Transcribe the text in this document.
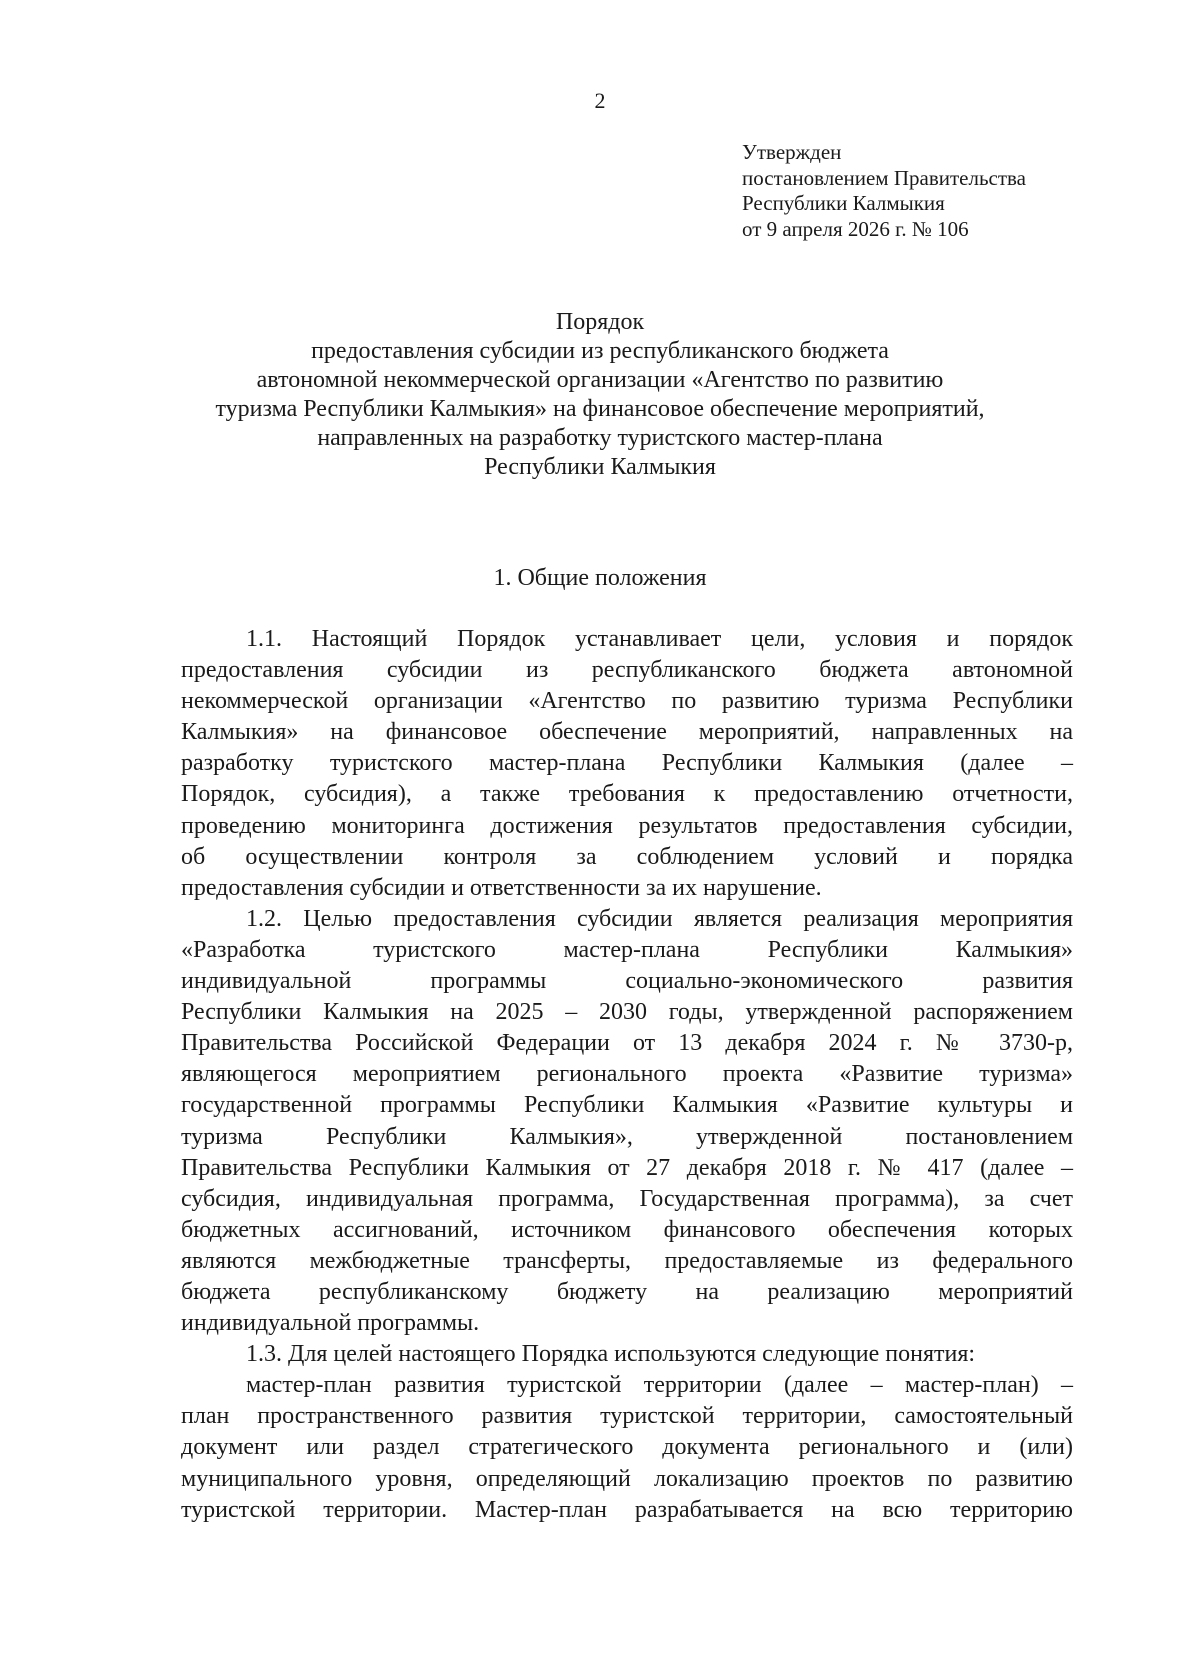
2
Утвержден
постановлением Правительства
Республики Калмыкия
от 9 апреля 2026 г. № 106
Порядок
предоставления субсидии из республиканского бюджета
автономной некоммерческой организации «Агентство по развитию
туризма Республики Калмыкия» на финансовое обеспечение мероприятий,
направленных на разработку туристского мастер-плана
Республики Калмыкия
1. Общие положения
1.1. Настоящий Порядок устанавливает цели, условия и порядок
предоставления субсидии из республиканского бюджета автономной
некоммерческой организации «Агентство по развитию туризма Республики
Калмыкия» на финансовое обеспечение мероприятий, направленных на
разработку туристского мастер-плана Республики Калмыкия (далее –
Порядок, субсидия), а также требования к предоставлению отчетности,
проведению мониторинга достижения результатов предоставления субсидии,
об осуществлении контроля за соблюдением условий и порядка
предоставления субсидии и ответственности за их нарушение.
1.2. Целью предоставления субсидии является реализация мероприятия
«Разработка туристского мастер-плана Республики Калмыкия»
индивидуальной программы социально-экономического развития
Республики Калмыкия на 2025 – 2030 годы, утвержденной распоряжением
Правительства Российской Федерации от 13 декабря 2024 г. № 3730-р,
являющегося мероприятием регионального проекта «Развитие туризма»
государственной программы Республики Калмыкия «Развитие культуры и
туризма Республики Калмыкия», утвержденной постановлением
Правительства Республики Калмыкия от 27 декабря 2018 г. № 417 (далее –
субсидия, индивидуальная программа, Государственная программа), за счет
бюджетных ассигнований, источником финансового обеспечения которых
являются межбюджетные трансферты, предоставляемые из федерального
бюджета республиканскому бюджету на реализацию мероприятий
индивидуальной программы.
1.3. Для целей настоящего Порядка используются следующие понятия:
мастер-план развития туристской территории (далее – мастер-план) –
план пространственного развития туристской территории, самостоятельный
документ или раздел стратегического документа регионального и (или)
муниципального уровня, определяющий локализацию проектов по развитию
туристской территории. Мастер-план разрабатывается на всю территорию
